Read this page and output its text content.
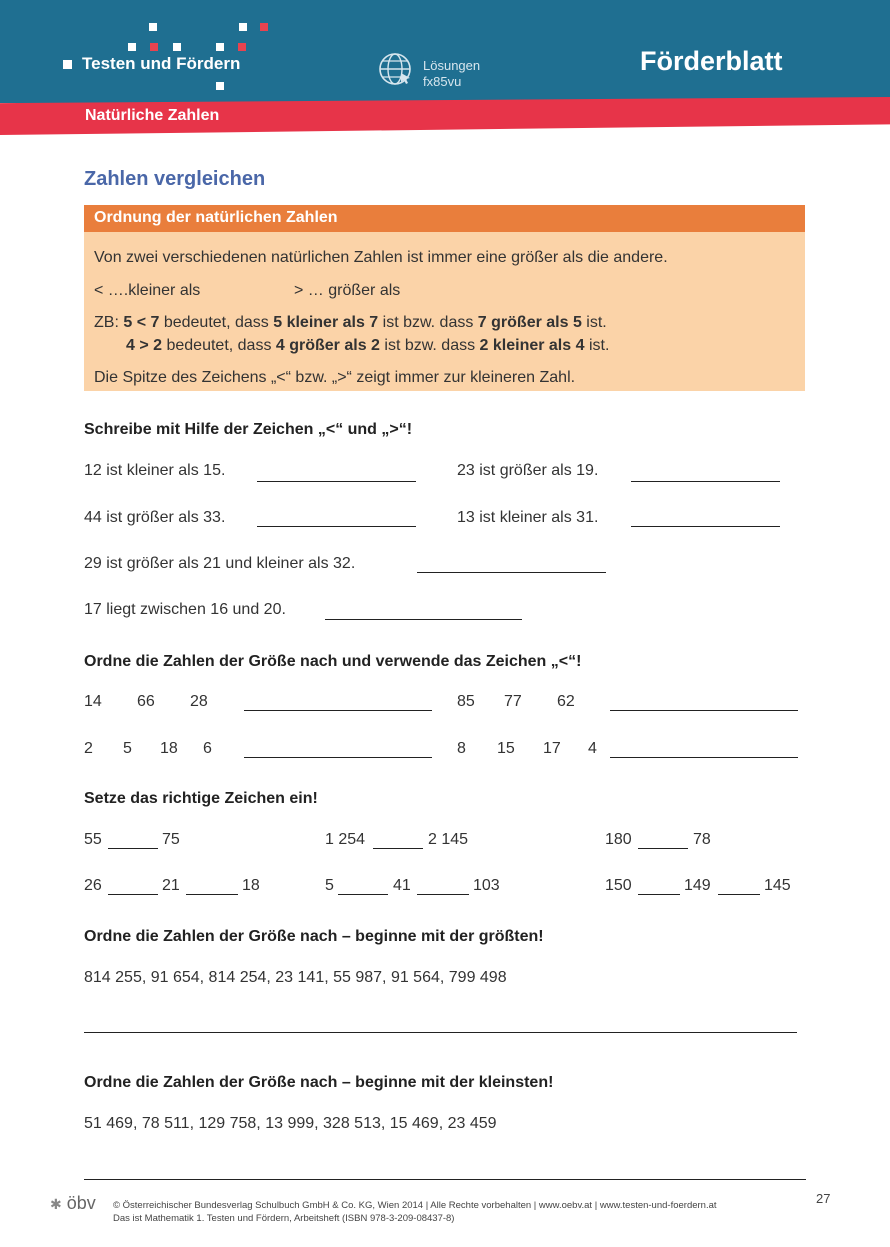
Testen und Fördern	Lösungen
fx85vu
Förderblatt
Natürliche Zahlen
Zahlen vergleichen
Ordnung der natürlichen Zahlen
Von zwei verschiedenen natürlichen Zahlen ist immer eine größer als die andere.
< ….kleiner als	> … größer als
ZB: 5 < 7 bedeutet, dass 5 kleiner als 7 ist bzw. dass 7 größer als 5 ist.
4 > 2 bedeutet, dass 4 größer als 2 ist bzw. dass 2 kleiner als 4 ist.
Die Spitze des Zeichens „<“ bzw. „>“ zeigt immer zur kleineren Zahl.
Schreibe mit Hilfe der Zeichen „<“ und „>“!
12 ist kleiner als 15.	23 ist größer als 19.
44 ist größer als 33.	13 ist kleiner als 31.
29 ist größer als 21 und kleiner als 32.
17 liegt zwischen 16 und 20.
Ordne die Zahlen der Größe nach und verwende das Zeichen „<“!
14 66 28	85 77 62
2 5 18 6	8 15 17 4
Setze das richtige Zeichen ein!
55	75	1 254	2 145	180	78
26	21	18	5	41	103	150	149	145
Ordne die Zahlen der Größe nach – beginne mit der größten!
814 255, 91 654, 814 254, 23 141, 55 987, 91 564, 799 498
Ordne die Zahlen der Größe nach – beginne mit der kleinsten!
51 469, 78 511, 129 758, 13 999, 328 513, 15 469, 23 459
✱ öbv © Österreichischer Bundesverlag Schulbuch GmbH & Co. KG, Wien 2014 | Alle Rechte vorbehalten | www.oebv.at | www.testen-und-foerdern.at
Das ist Mathematik 1. Testen und Fördern, Arbeitsheft (ISBN 978-3-209-08437-8)
27
